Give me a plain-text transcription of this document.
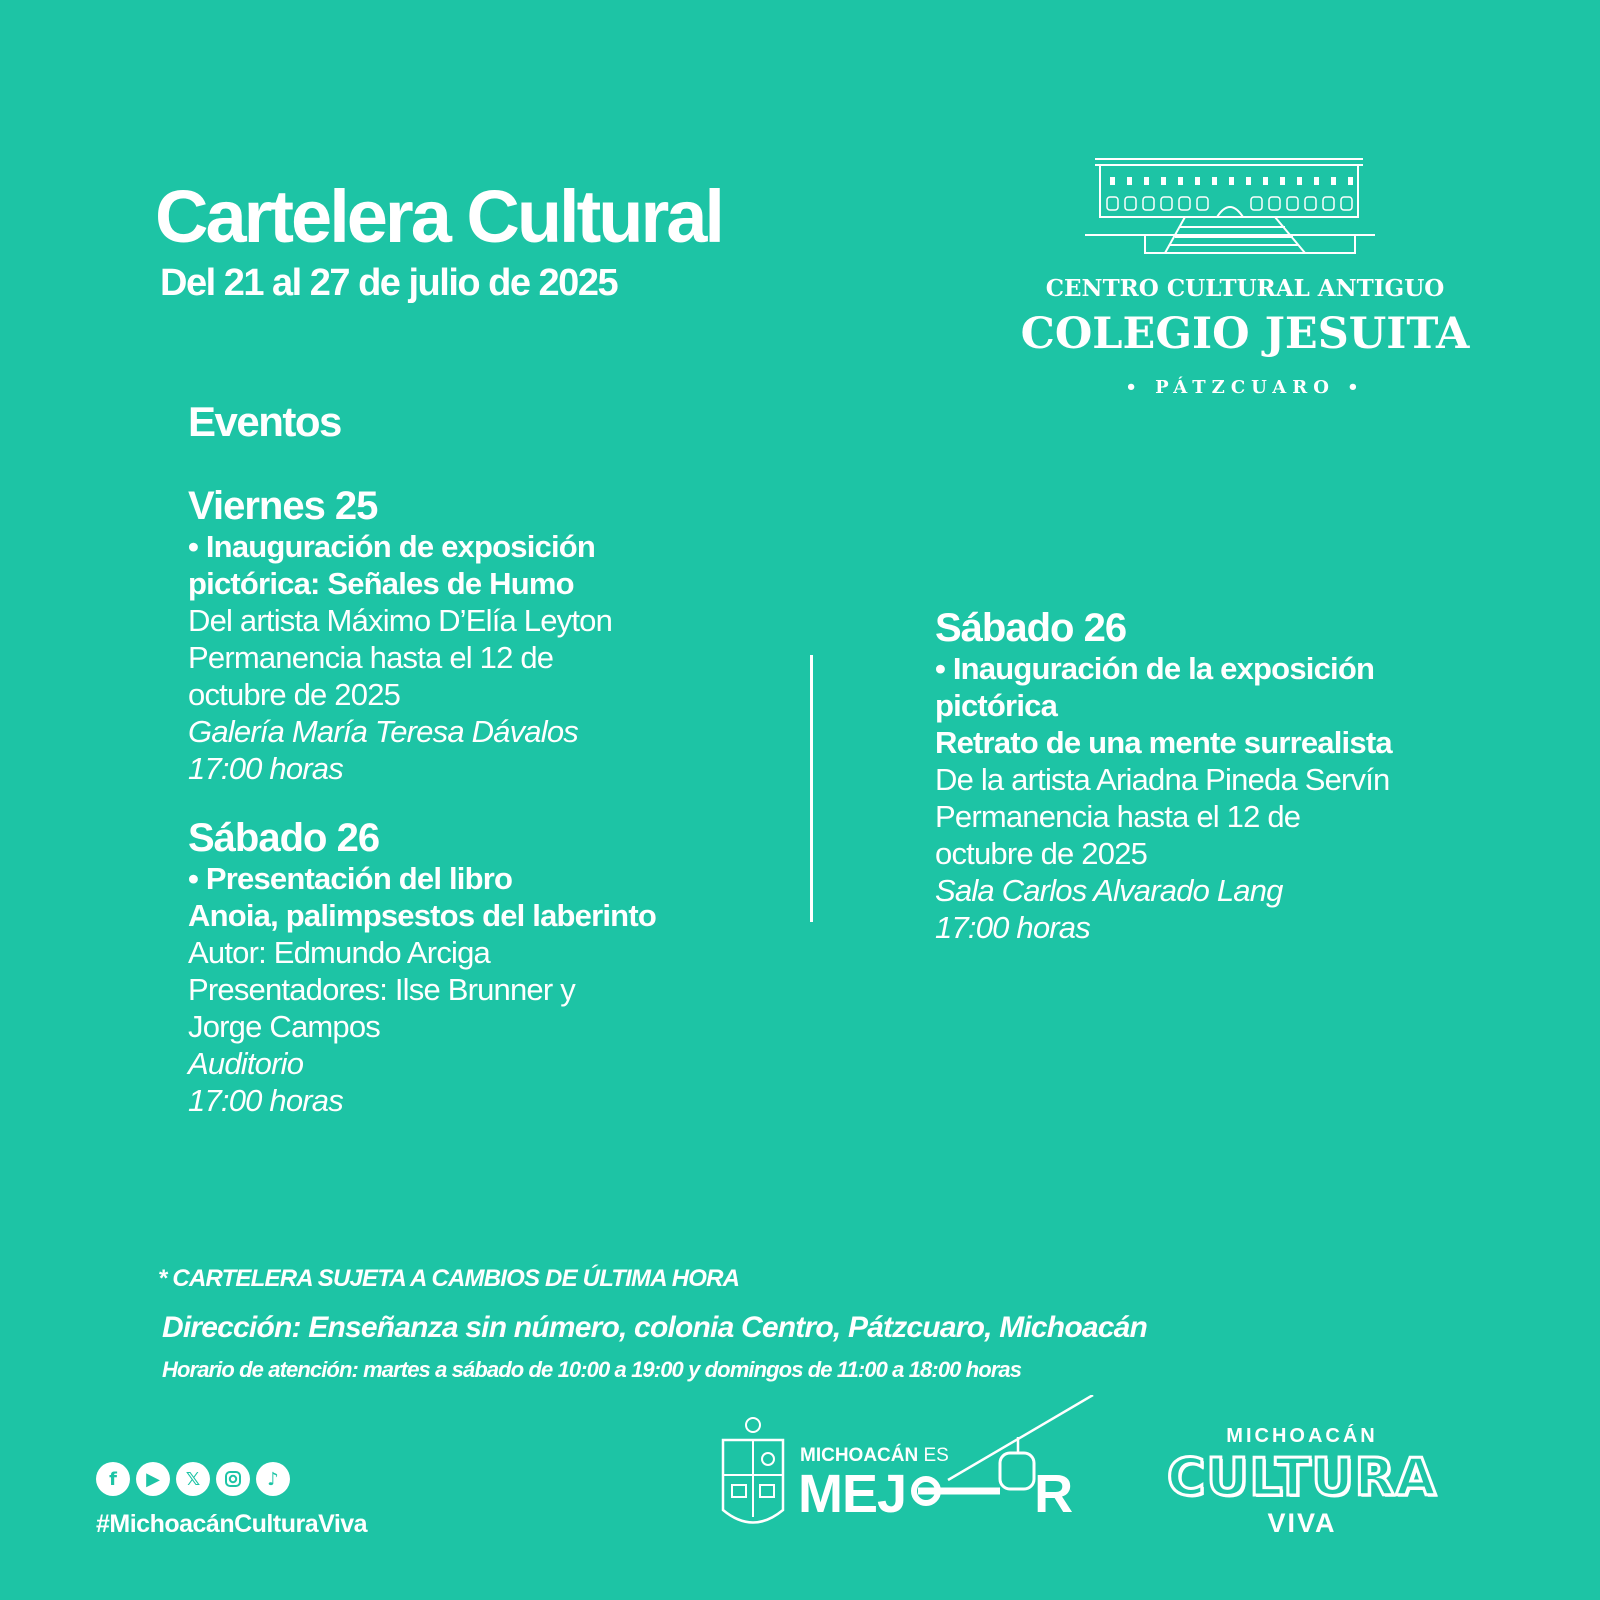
Cartelera Cultural
Del 21 al 27 de julio de 2025	CENTRO CULTURAL ANTIGUO
COLEGIO JESUITA
• PÁTZCUARO •
Eventos
Viernes 25
• Inauguración de exposición
pictórica: Señales de Humo
Del artista Máximo D’Elía Leyton
Permanencia hasta el 12 de
octubre de 2025
Galería María Teresa Dávalos
17:00 horas
Sábado 26
• Presentación del libro
Anoia, palimpsestos del laberinto
Autor: Edmundo Arciga
Presentadores: Ilse Brunner y
Jorge Campos
Auditorio
17:00 horas
Sábado 26
• Inauguración de la exposición
pictórica
Retrato de una mente surrealista
De la artista Ariadna Pineda Servín
Permanencia hasta el 12 de
octubre de 2025
Sala Carlos Alvarado Lang
17:00 horas
* CARTELERA SUJETA A CAMBIOS DE ÚLTIMA HORA
Dirección: Enseñanza sin número, colonia Centro, Pátzcuaro, Michoacán
Horario de atención: martes a sábado de 10:00 a 19:00 y domingos de 11:00 a 18:00 horas
f	▶	𝕏	♪
#MichoacánCulturaViva
MICHOACÁN ES
MEJ R
MICHOACÁN
CULTURA
VIVA
